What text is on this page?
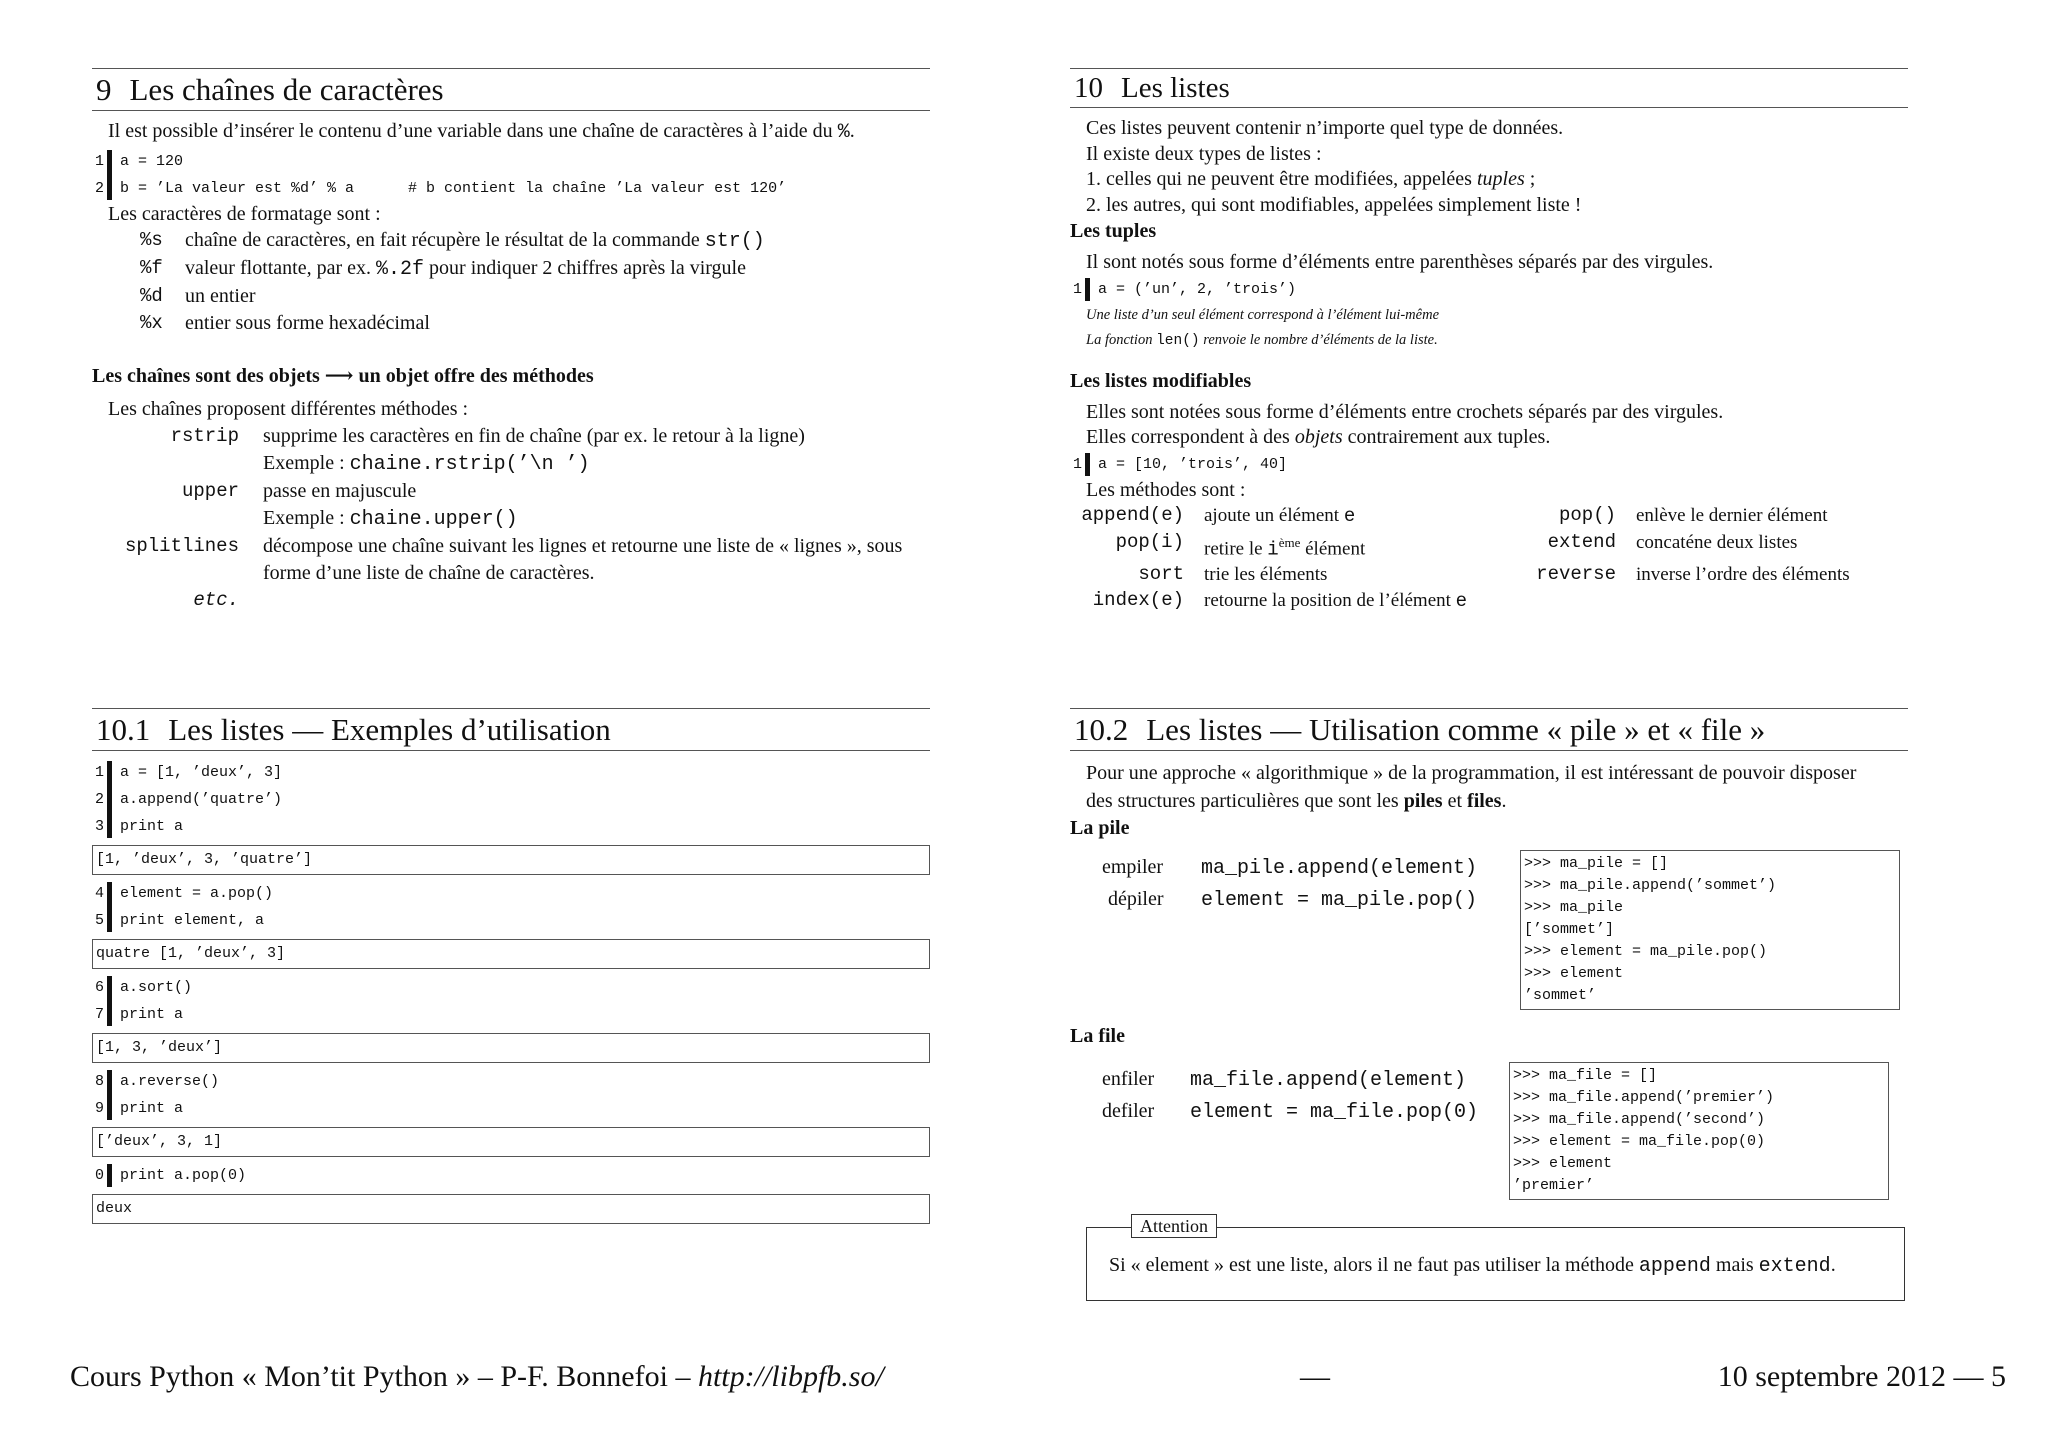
9 Les chaînes de caractères
Il est possible d’insérer le contenu d’une variable dans une chaîne de caractères à l’aide du %.
1
2
a = 120
b = ’La valeur est %d’ % a      # b contient la chaîne ’La valeur est 120’
Les caractères de formatage sont :
%s	chaîne de caractères, en fait récupère le résultat de la commande str()
%f	valeur flottante, par ex. %.2f pour indiquer 2 chiffres après la virgule
%d	un entier
%x	entier sous forme hexadécimal
Les chaînes sont des objets ⟶ un objet offre des méthodes
Les chaînes proposent différentes méthodes :
rstrip	supprime les caractères en fin de chaîne (par ex. le retour à la ligne)
Exemple : chaine.rstrip(’\n ’)
upper	passe en majuscule
Exemple : chaine.upper()
splitlines	décompose une chaîne suivant les lignes et retourne une liste de « lignes », sous forme d’une liste de chaîne de caractères.
etc.
10 Les listes
Ces listes peuvent contenir n’importe quel type de données.
Il existe deux types de listes :
1. celles qui ne peuvent être modifiées, appelées tuples ;
2. les autres, qui sont modifiables, appelées simplement liste !
Les tuples
Il sont notés sous forme d’éléments entre parenthèses séparés par des virgules.
1 a = (’un’, 2, ’trois’)
Une liste d’un seul élément correspond à l’élément lui-même
La fonction len() renvoie le nombre d’éléments de la liste.
Les listes modifiables
Elles sont notées sous forme d’éléments entre crochets séparés par des virgules.
Elles correspondent à des objets contrairement aux tuples.
1 a = [10, ’trois’, 40]
Les méthodes sont :
append(e)	ajoute un élément e	pop()	enlève le dernier élément
pop(i)	retire le $i^{ème}$ élément	extend	concaténe deux listes
sort	trie les éléments	reverse	inverse l’ordre des éléments
index(e)	retourne la position de l’élément e
10.1 Les listes — Exemples d’utilisation
1
2
3
a = [1, ’deux’, 3]
a.append(’quatre’)
print a
[1, ’deux’, 3, ’quatre’]
4
5
element = a.pop()
print element, a
quatre [1, ’deux’, 3]
6
7
a.sort()
print a
[1, 3, ’deux’]
8
9
a.reverse()
print a
[’deux’, 3, 1]
0 print a.pop(0)
deux
10.2 Les listes — Utilisation comme « pile » et « file »
Pour une approche « algorithmique » de la programmation, il est intéressant de pouvoir disposer
des structures particulières que sont les piles et files.
La pile
empiler ma_pile.append(element)
dépiler element = ma_pile.pop()
>>> ma_pile = []
>>> ma_pile.append(’sommet’)
>>> ma_pile
[’sommet’]
>>> element = ma_pile.pop()
>>> element
’sommet’
La file
enfiler ma_file.append(element)
defiler element = ma_file.pop(0)
>>> ma_file = []
>>> ma_file.append(’premier’)
>>> ma_file.append(’second’)
>>> element = ma_file.pop(0)
>>> element
’premier’
Attention
Si « element » est une liste, alors il ne faut pas utiliser la méthode append mais extend.
Cours Python « Mon’tit Python » – P-F. Bonnefoi – http://libpfb.so/	—	10 septembre 2012 — 5
